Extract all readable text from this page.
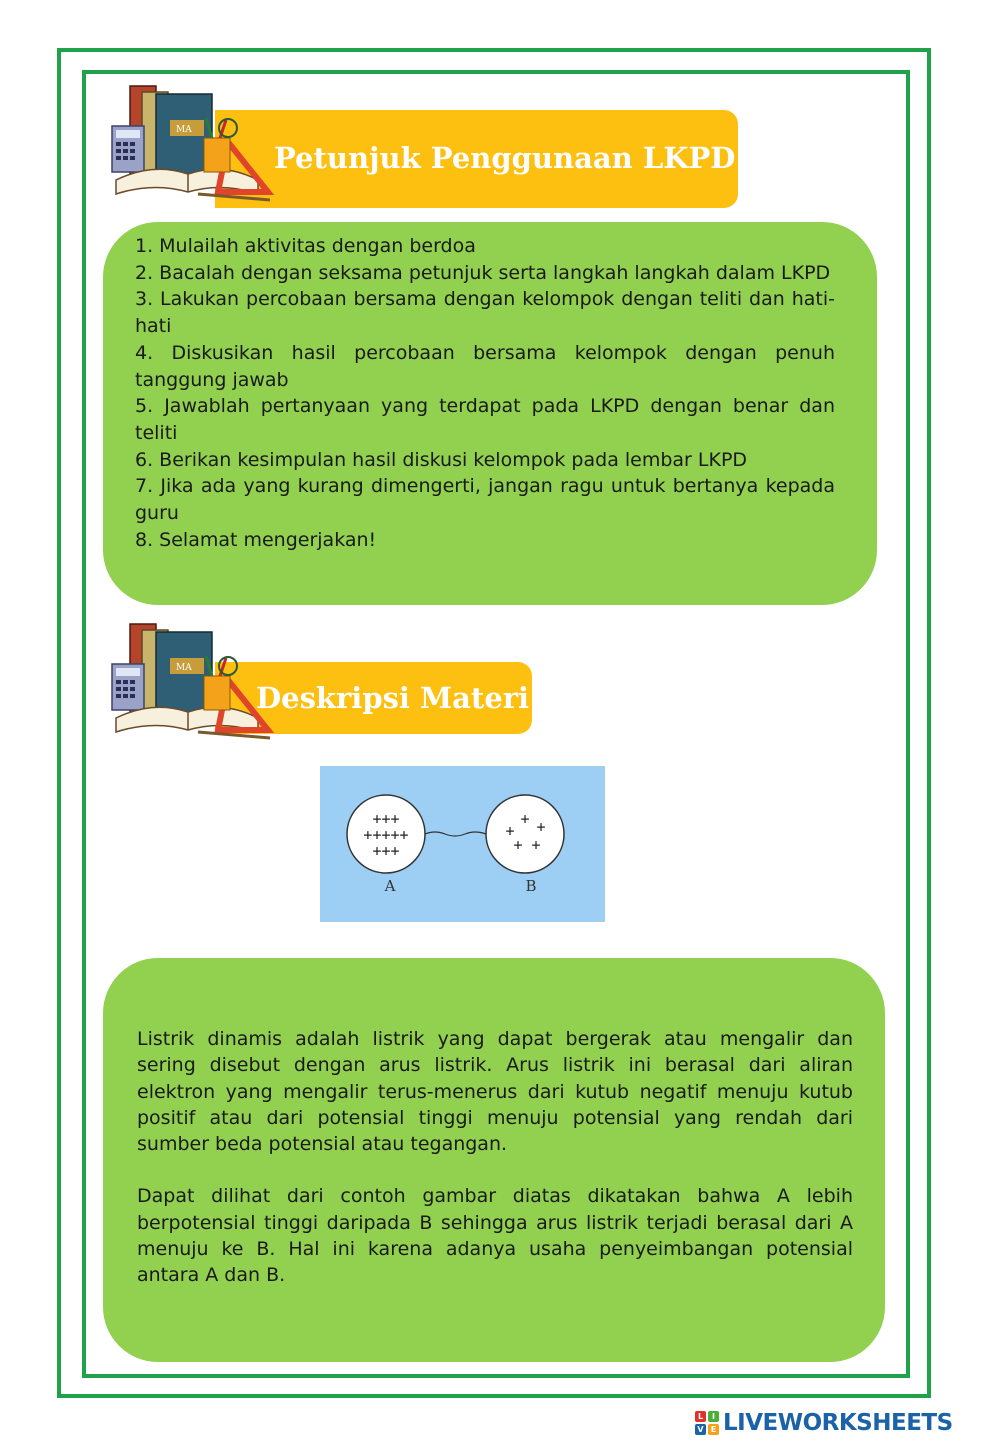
Petunjuk Penggunaan LKPD
MA
1. Mulailah aktivitas dengan berdoa
2. Bacalah dengan seksama petunjuk serta langkah langkah dalam LKPD
3. Lakukan percobaan bersama dengan kelompok dengan teliti dan hati-hati
4. Diskusikan hasil percobaan bersama kelompok dengan penuh tanggung jawab
5. Jawablah pertanyaan yang terdapat pada LKPD dengan benar dan teliti
6. Berikan kesimpulan hasil diskusi kelompok pada lembar LKPD
7. Jika ada yang kurang dimengerti, jangan ragu untuk bertanya kepada guru
8. Selamat mengerjakan!
Deskripsi Materi
MA
+++
+++++
+++
+
+ +
+ +
A	B

Listrik dinamis adalah listrik yang dapat bergerak atau mengalir dan sering disebut dengan arus listrik. Arus listrik ini berasal dari aliran elektron yang mengalir terus-menerus dari kutub negatif menuju kutub positif atau dari potensial tinggi menuju potensial yang rendah dari sumber beda potensial atau tegangan.

Dapat dilihat dari contoh gambar diatas dikatakan bahwa A lebih berpotensial tinggi daripada B sehingga arus listrik terjadi berasal dari A menuju ke B. Hal ini karena adanya usaha penyeimbangan potensial antara A dan B.

L	I
V E LIVEWORKSHEETS
